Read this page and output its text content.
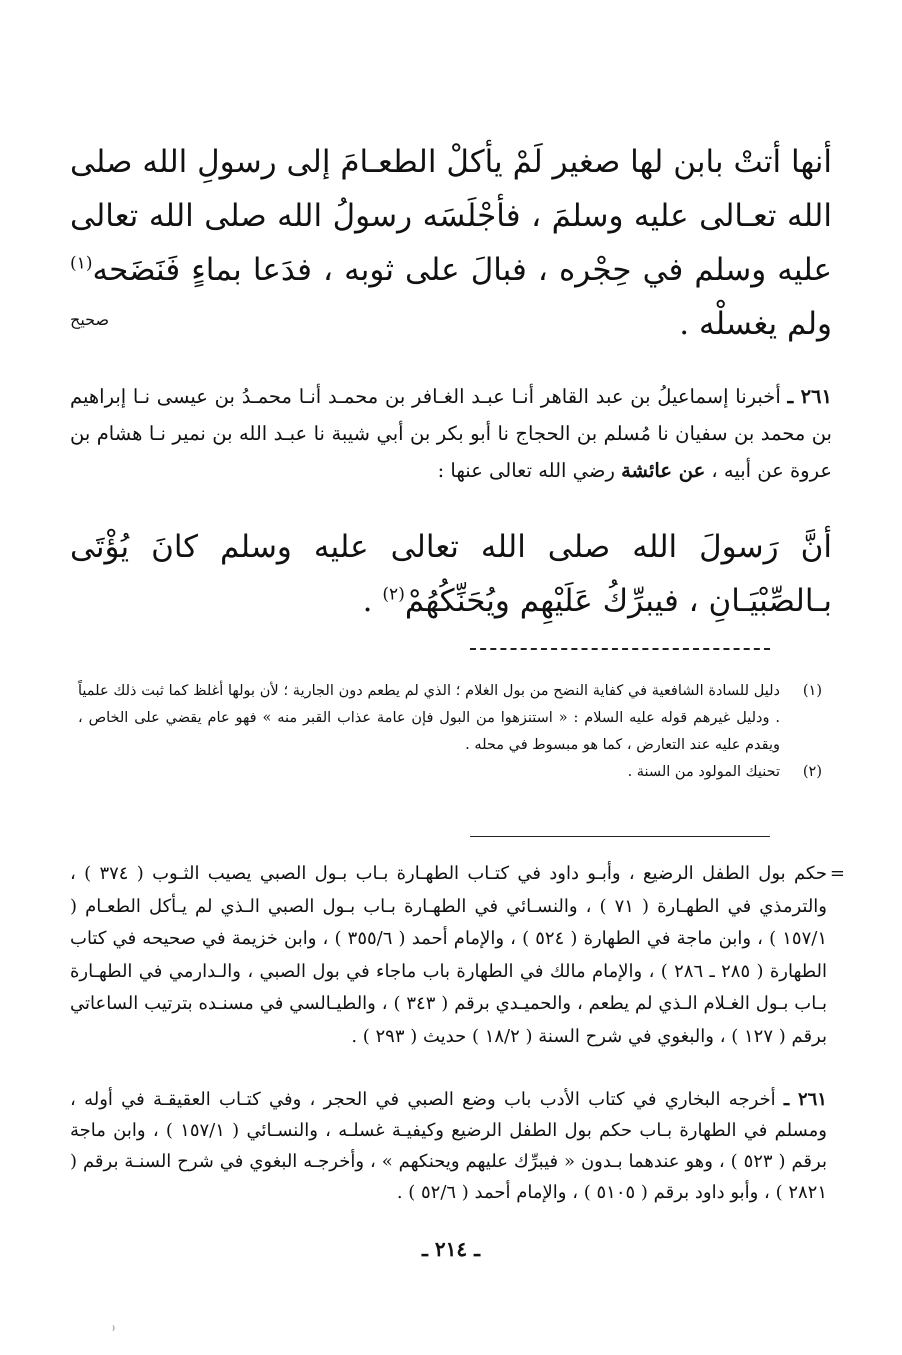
أنها أتتْ بابن لها صغير لَمْ يأكلْ الطعـامَ إلى رسولِ الله صلى الله تعـالى عليه وسلمَ ، فأجْلَسَه رسولُ الله صلى الله تعالى عليه وسلم في حِجْره ، فبالَ على ثوبه ، فدَعا بماءٍ فَنَضَحه$^{(١)}$ ولم يغسلْه .
صحيح
٢٦١ ـ أخبرنا إسماعيلُ بن عبد القاهر أنـا عبـد الغـافر بن محمـد أنـا محمـدُ بن عيسى نـا إبراهيم بن محمد بن سفيان نا مُسلم بن الحجاج نا أبو بكر بن أبي شيبة نا عبـد الله بن نمير نـا هشام بن عروة عن أبيه ، عن عائشة رضي الله تعالى عنها :
أنَّ رَسولَ الله صلى الله تعالى عليه وسلم كانَ يُؤْتَى بـالصِّبْيَـانِ ، فيبرِّكُ عَلَيْهِم ويُحَنِّكُهُمْ$^{(٢)}$ .
(١)
دليل للسادة الشافعية في كفاية النضح من بول الغلام ؛ الذي لم يطعم دون الجارية ؛ لأن بولها أغلظ كما ثبت ذلك علمياً . ودليل غيرهم قوله عليه السلام : « استنزهوا من البول فإن عامة عذاب القبر منه » فهو عام يقضي على الخاص ، ويقدم عليه عند التعارض ، كما هو مبسوط في محله .
(٢)
تحنيك المولود من السنة .
=
حكم بول الطفل الرضيع ، وأبـو داود في كتـاب الطهـارة بـاب بـول الصبي يصيب الثـوب ( ٣٧٤ ) ، والترمذي في الطهـارة ( ٧١ ) ، والنسـائي في الطهـارة بـاب بـول الصبي الـذي لم يـأكل الطعـام ( ١٥٧/١ ) ، وابن ماجة في الطهارة ( ٥٢٤ ) ، والإمام أحمد ( ٣٥٥/٦ ) ، وابن خزيمة في صحيحه في كتاب الطهارة ( ٢٨٥ ـ ٢٨٦ ) ، والإمام مالك في الطهارة باب ماجاء في بول الصبي ، والـدارمي في الطهـارة بـاب بـول الغـلام الـذي لم يطعم ، والحميـدي برقم ( ٣٤٣ ) ، والطيـالسي في مسنـده بترتيب الساعاتي برقم ( ١٢٧ ) ، والبغوي في شرح السنة ( ١٨/٢ ) حديث ( ٢٩٣ ) .
٢٦١ ـ أخرجه البخاري في كتاب الأدب باب وضع الصبي في الحجر ، وفي كتـاب العقيقـة في أوله ، ومسلم في الطهارة بـاب حكم بول الطفل الرضيع وكيفيـة غسلـه ، والنسـائي ( ١٥٧/١ ) ، وابن ماجة برقم ( ٥٢٣ ) ، وهو عندهما بـدون « فيبرِّك عليهم ويحنكهم » ، وأخرجـه البغوي في شرح السنـة برقم ( ٢٨٢١ ) ، وأبو داود برقم ( ٥١٠٥ ) ، والإمام أحمد ( ٥٢/٦ ) .
ـ ٢١٤ ـ
⁽
